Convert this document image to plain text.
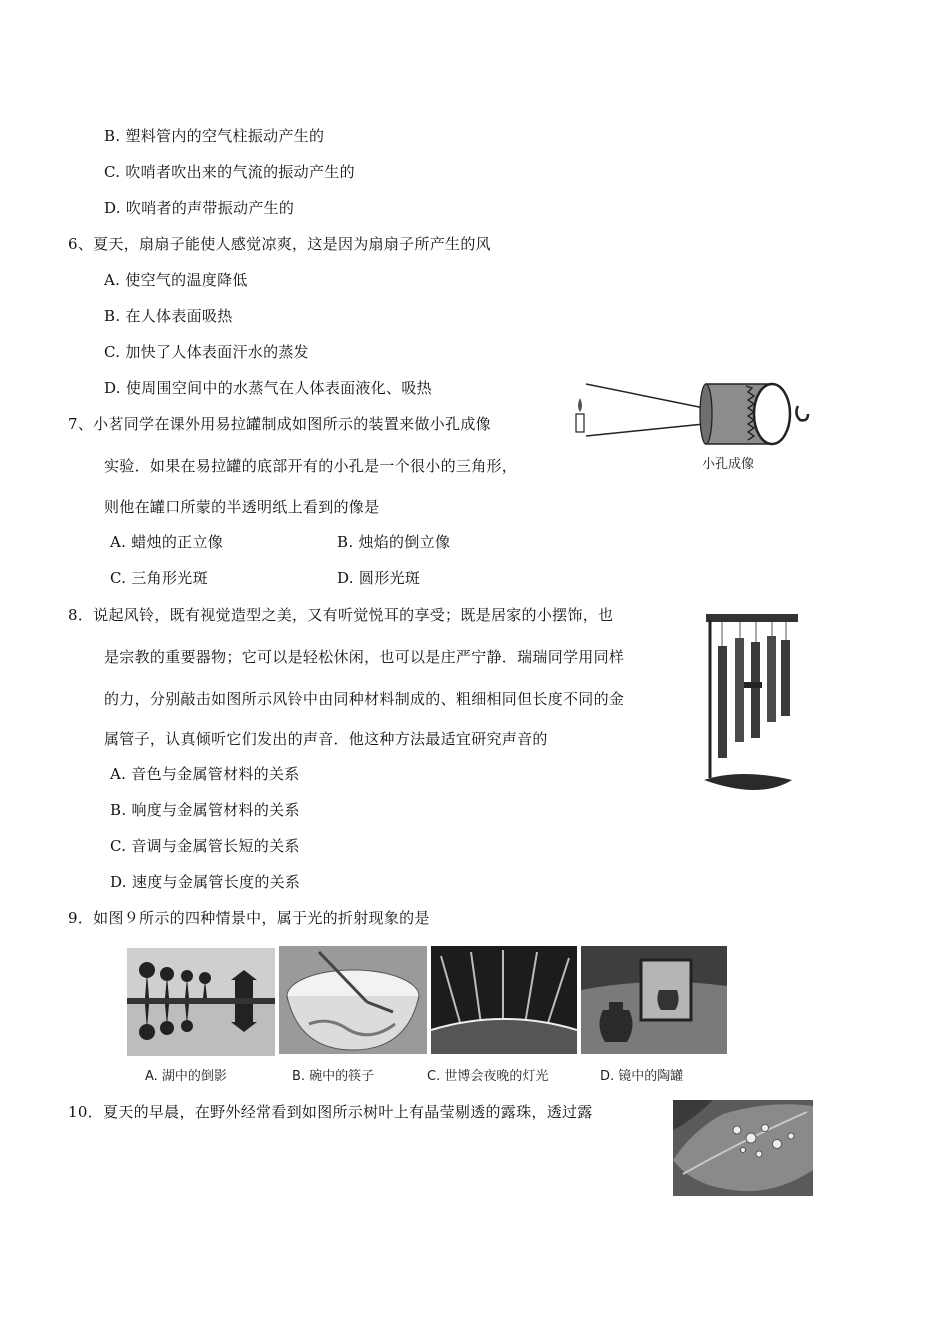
B. 塑料管内的空气柱振动产生的
C. 吹哨者吹出来的气流的振动产生的
D. 吹哨者的声带振动产生的
6、夏天，扇扇子能使人感觉凉爽，这是因为扇扇子所产生的风
A. 使空气的温度降低
B. 在人体表面吸热
C. 加快了人体表面汗水的蒸发
D. 使周围空间中的水蒸气在人体表面液化、吸热
7、小茗同学在课外用易拉罐制成如图所示的装置来做小孔成像
实验．如果在易拉罐的底部开有的小孔是一个很小的三角形，
则他在罐口所蒙的半透明纸上看到的像是
A. 蜡烛的正立像	B. 烛焰的倒立像
C. 三角形光斑	D. 圆形光斑
小孔成像
8．说起风铃，既有视觉造型之美，又有听觉悦耳的享受；既是居家的小摆饰，也
是宗教的重要器物；它可以是轻松休闲，也可以是庄严宁静．瑞瑞同学用同样
的力，分别敲击如图所示风铃中由同种材料制成的、粗细相同但长度不同的金
属管子，认真倾听它们发出的声音．他这种方法最适宜研究声音的
A. 音色与金属管材料的关系
B. 响度与金属管材料的关系
C. 音调与金属管长短的关系
D. 速度与金属管长度的关系
9．如图９所示的四种情景中，属于光的折射现象的是
A. 湖中的倒影	B. 碗中的筷子	C. 世博会夜晚的灯光	D. 镜中的陶罐
10．夏天的早晨，在野外经常看到如图所示树叶上有晶莹剔透的露珠，透过露
